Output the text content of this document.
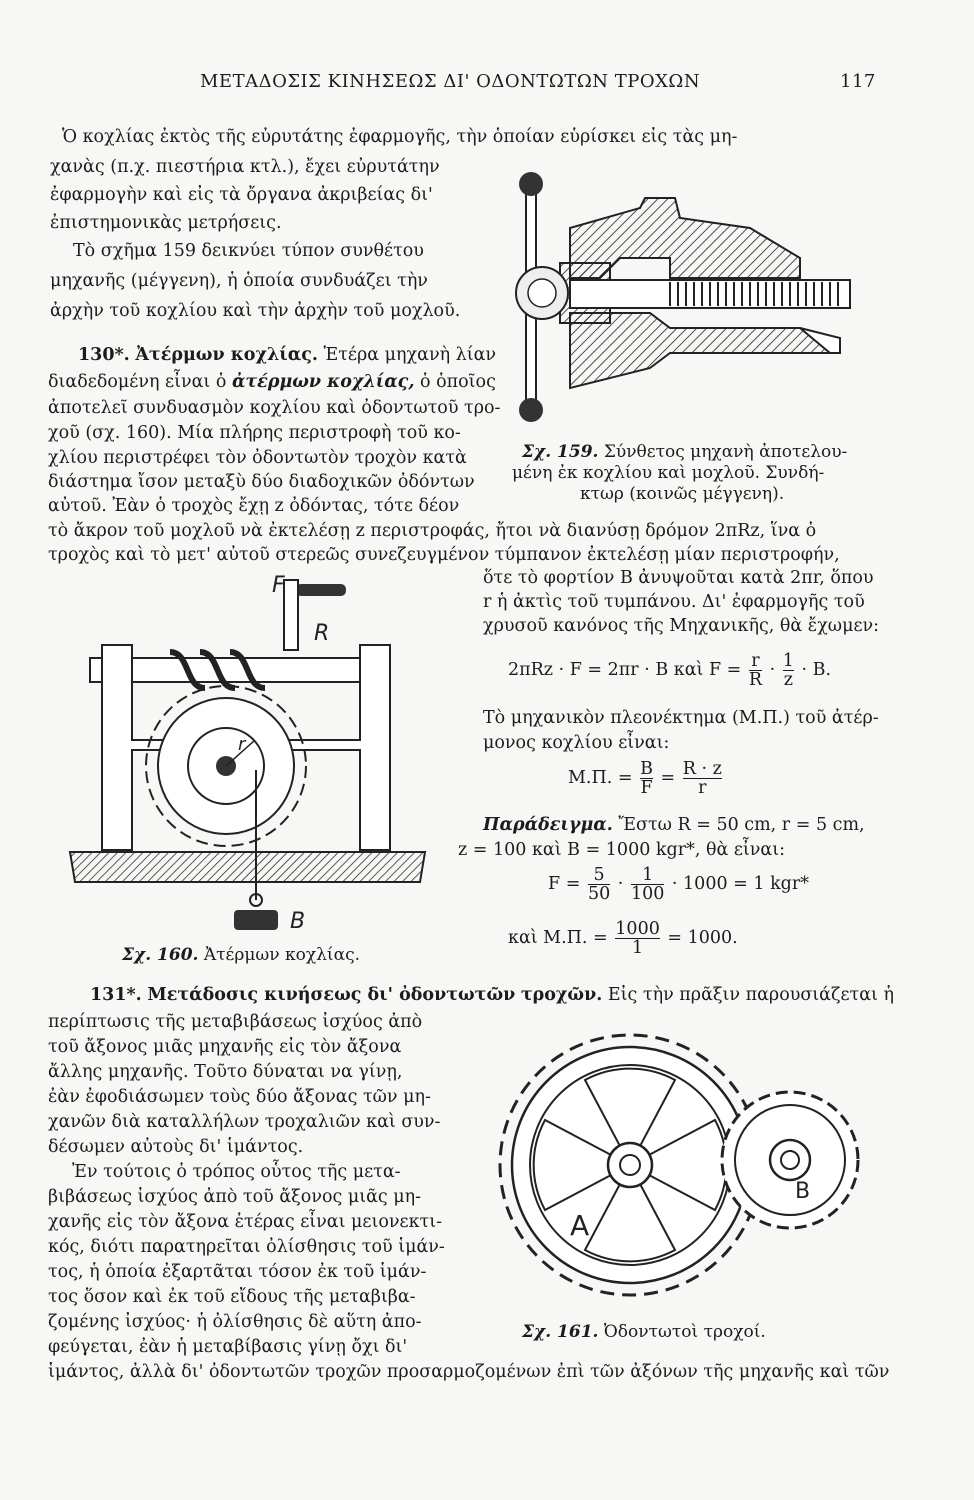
ΜΕΤΑΔΟΣΙΣ ΚΙΝΗΣΕΩΣ ΔΙ' ΟΔΟΝΤΩΤΩΝ ΤΡΟΧΩΝ	117
Ὁ κοχλίας ἐκτὸς τῆς εὐρυτάτης ἐφαρμογῆς, τὴν ὁποίαν εὑρίσκει εἰς τὰς μη-
χανὰς (π.χ. πιεστήρια κτλ.), ἔχει εὐρυτάτην
ἐφαρμογὴν καὶ εἰς τὰ ὄργανα ἀκριβείας δι'
ἐπιστημονικὰς μετρήσεις.
Τὸ σχῆμα 159 δεικνύει τύπον συνθέτου
μηχανῆς (μέγγενη), ἡ ὁποία συνδυάζει τὴν
ἀρχὴν τοῦ κοχλίου καὶ τὴν ἀρχὴν τοῦ μοχλοῦ.
130*. Ἀτέρμων κοχλίας. Ἑτέρα μηχανὴ λίαν
διαδεδομένη εἶναι ὁ ἀτέρμων κοχλίας, ὁ ὁποῖος
ἀποτελεῖ συνδυασμὸν κοχλίου καὶ ὀδοντωτοῦ τρο-
χοῦ (σχ. 160). Μία πλήρης περιστροφὴ τοῦ κο-
χλίου περιστρέφει τὸν ὀδοντωτὸν τροχὸν κατὰ
διάστημα ἴσον μεταξὺ δύο διαδοχικῶν ὀδόντων
αὐτοῦ. Ἐὰν ὁ τροχὸς ἔχῃ z ὀδόντας, τότε δέον
τὸ ἄκρον τοῦ μοχλοῦ νὰ ἐκτελέσῃ z περιστροφάς, ἤτοι νὰ διανύσῃ δρόμον 2πRz, ἵνα ὁ
τροχὸς καὶ τὸ μετ' αὐτοῦ στερεῶς συνεζευγμένον τύμπανον ἐκτελέσῃ μίαν περιστροφήν,
ὅτε τὸ φορτίον B ἀνυψοῦται κατὰ 2πr, ὅπου
r ἡ ἀκτὶς τοῦ τυμπάνου. Δι' ἐφαρμογῆς τοῦ
χρυσοῦ κανόνος τῆς Μηχανικῆς, θὰ ἔχωμεν:
Σχ. 159. Σύνθετος μηχανὴ ἀποτελου-
μένη ἐκ κοχλίου καὶ μοχλοῦ. Συνδή-
κτωρ (κοινῶς μέγγενη).
2πRz · F = 2πr · B καὶ $F = \frac{r}{R} \cdot \frac{1}{z} \cdot B$.
Τὸ μηχανικὸν πλεονέκτημα (Μ.Π.) τοῦ ἀτέρ-
μονος κοχλίου εἶναι:
Μ.Π. = $\frac{B}{F} = \frac{R \cdot z}{r}$
Παράδειγμα. Ἔστω R = 50 cm, r = 5 cm,
z = 100 καὶ B = 1000 kgr*, θὰ εἶναι:
$F = \frac{5}{50} \cdot \frac{1}{100} \cdot 1000 = 1$ kgr*
καὶ Μ.Π. = $\frac{1000}{1} = 1000$.
F
R
r
B
Σχ. 160. Ἀτέρμων κοχλίας.
131*. Μετάδοσις κινήσεως δι' ὀδοντωτῶν τροχῶν. Εἰς τὴν πρᾶξιν παρουσιάζεται ἡ
περίπτωσις τῆς μεταβιβάσεως ἰσχύος ἀπὸ
τοῦ ἄξονος μιᾶς μηχανῆς εἰς τὸν ἄξονα
ἄλλης μηχανῆς. Τοῦτο δύναται να γίνῃ,
ἐὰν ἐφοδιάσωμεν τοὺς δύο ἄξονας τῶν μη-
χανῶν διὰ καταλλήλων τροχαλιῶν καὶ συν-
δέσωμεν αὐτοὺς δι' ἱμάντος.
Ἐν τούτοις ὁ τρόπος οὗτος τῆς μετα-
βιβάσεως ἰσχύος ἀπὸ τοῦ ἄξονος μιᾶς μη-
χανῆς εἰς τὸν ἄξονα ἑτέρας εἶναι μειονεκτι-
κός, διότι παρατηρεῖται ὀλίσθησις τοῦ ἱμάν-
τος, ἡ ὁποία ἐξαρτᾶται τόσον ἐκ τοῦ ἱμάν-
τος ὅσον καὶ ἐκ τοῦ εἴδους τῆς μεταβιβα-
ζομένης ἰσχύος· ἡ ὀλίσθησις δὲ αὕτη ἀπο-
φεύγεται, ἐὰν ἡ μεταβίβασις γίνῃ ὄχι δι'
ἱμάντος, ἀλλὰ δι' ὀδοντωτῶν τροχῶν προσαρμοζομένων ἐπὶ τῶν ἀξόνων τῆς μηχανῆς καὶ τῶν
A
B
Σχ. 161. Ὀδοντωτοὶ τροχοί.
